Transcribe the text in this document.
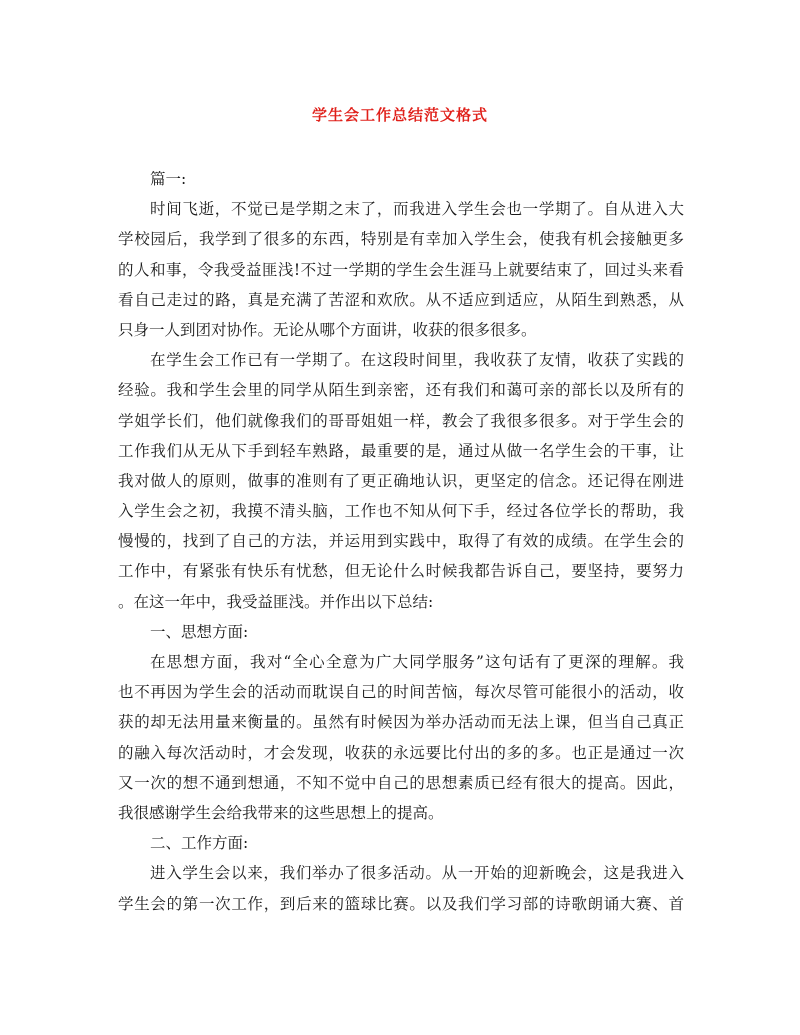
学生会工作总结范文格式
篇一:
时间飞逝，不觉已是学期之末了，而我进入学生会也一学期了。自从进入大
学校园后，我学到了很多的东西，特别是有幸加入学生会，使我有机会接触更多
的人和事，令我受益匪浅!不过一学期的学生会生涯马上就要结束了，回过头来看
看自己走过的路，真是充满了苦涩和欢欣。从不适应到适应，从陌生到熟悉，从
只身一人到团对协作。无论从哪个方面讲，收获的很多很多。
在学生会工作已有一学期了。在这段时间里，我收获了友情，收获了实践的
经验。我和学生会里的同学从陌生到亲密，还有我们和蔼可亲的部长以及所有的
学姐学长们，他们就像我们的哥哥姐姐一样，教会了我很多很多。对于学生会的
工作我们从无从下手到轻车熟路，最重要的是，通过从做一名学生会的干事，让
我对做人的原则，做事的准则有了更正确地认识，更坚定的信念。还记得在刚进
入学生会之初，我摸不清头脑，工作也不知从何下手，经过各位学长的帮助，我
慢慢的，找到了自己的方法，并运用到实践中，取得了有效的成绩。在学生会的
工作中，有紧张有快乐有忧愁，但无论什么时候我都告诉自己，要坚持，要努力
。在这一年中，我受益匪浅。并作出以下总结:
一、思想方面:
在思想方面，我对“全心全意为广大同学服务”这句话有了更深的理解。我
也不再因为学生会的活动而耽误自己的时间苦恼，每次尽管可能很小的活动，收
获的却无法用量来衡量的。虽然有时候因为举办活动而无法上课，但当自己真正
的融入每次活动时，才会发现，收获的永远要比付出的多的多。也正是通过一次
又一次的想不通到想通，不知不觉中自己的思想素质已经有很大的提高。因此，
我很感谢学生会给我带来的这些思想上的提高。
二、工作方面:
进入学生会以来，我们举办了很多活动。从一开始的迎新晚会，这是我进入
学生会的第一次工作，到后来的篮球比赛。以及我们学习部的诗歌朗诵大赛、首
